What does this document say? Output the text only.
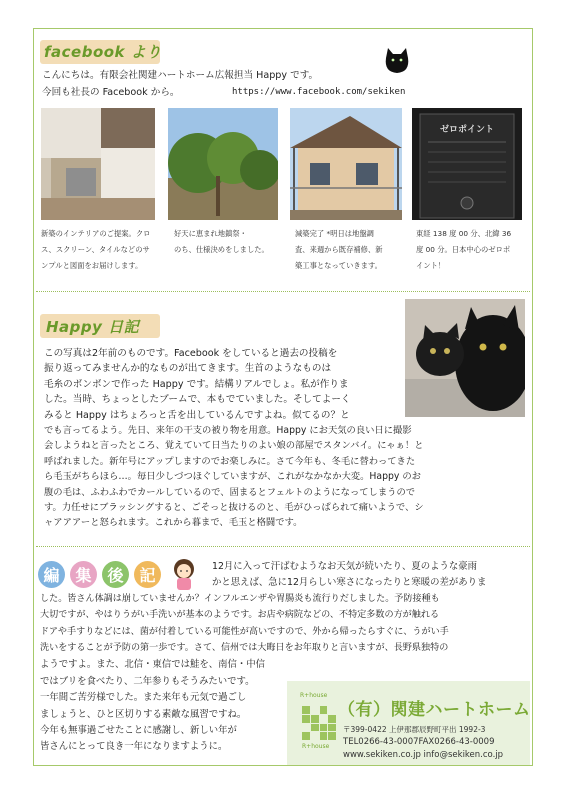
facebook より
こんにちは。有限会社関建ハートホーム広報担当 Happy です。
今回も社長の Facebook から。	https://www.facebook.com/sekiken
ゼロポイント
新築のインテリアのご提案。クロ
ス、スクリーン、タイルなどのサ
ンプルと図面をお届けします。
好天に恵まれ地鎮祭・
のち、仕様決めをしました。
減築完了 *明日は地盤調
査、来週から既存補修、新
築工事となっていきます。
東経 138 度 00 分、北緯 36
度 00 分。日本中心のゼロポ
イント！
Happy 日記
この写真は2年前のものです。Facebook をしていると過去の投稿を
振り返ってみませんか的なものが出てきます。生首のようなものは
毛糸のボンボンで作った Happy です。結構リアルでしょ。私が作りま
した。当時、ちょっとしたブームで、本もでていました。そしてよーく
みると Happy はちょろっと舌を出しているんですよね。似てるの？と
でも言ってるよう。先日、来年の干支の被り物を用意。Happy にお天気の良い日に撮影
会しようねと言ったところ、覚えていて日当たりのよい娘の部屋でスタンバイ。にゃぁ！と
呼ばれました。新年号にアップしますのでお楽しみに。さて今年も、冬毛に替わってきた
ら毛玉がちらほら…。毎日少しづつほぐしていますが、これがなかなか大変。Happy のお
腹の毛は、ふわふわでカールしているので、固まるとフェルトのようになってしまうので
す。力任せにブラッシングすると、ごそっと抜けるのと、毛がひっぱられて痛いようで、シ
ャアアアーと怒られます。これから暮まで、毛玉と格闘です。
編 集 後 記	12月に入って汗ばむようなお天気が続いたり、夏のような豪雨
かと思えば、急に12月らしい寒さになったりと寒暖の差がありま
した。皆さん体調は崩していませんか？インフルエンザや胃腸炎も流行りだしました。予防接種も
大切ですが、やはりうがい手洗いが基本のようです。お店や病院などの、不特定多数の方が触れる
ドアや手すりなどには、菌が付着している可能性が高いですので、外から帰ったらすぐに、うがい手
洗いをすることが予防の第一歩です。さて、信州では大晦日をお年取りと言いますが、長野県独特の
ようですよ。また、北信・東信では鮭を、南信・中信
ではブリを食べたり、二年参りもそうみたいです。
一年間ご苦労様でした。また来年も元気で過ごし
ましょうと、ひと区切りする素敵な風習ですね。
今年も無事過ごせたことに感謝し、新しい年が
皆さんにとって良き一年になりますように。
R+house
R+house
（有）関建ハートホーム
〒399-0422 上伊那郡辰野町平出 1992-3
TEL0266-43-0007FAX0266-43-0009
www.sekiken.co.jp info@sekiken.co.jp
